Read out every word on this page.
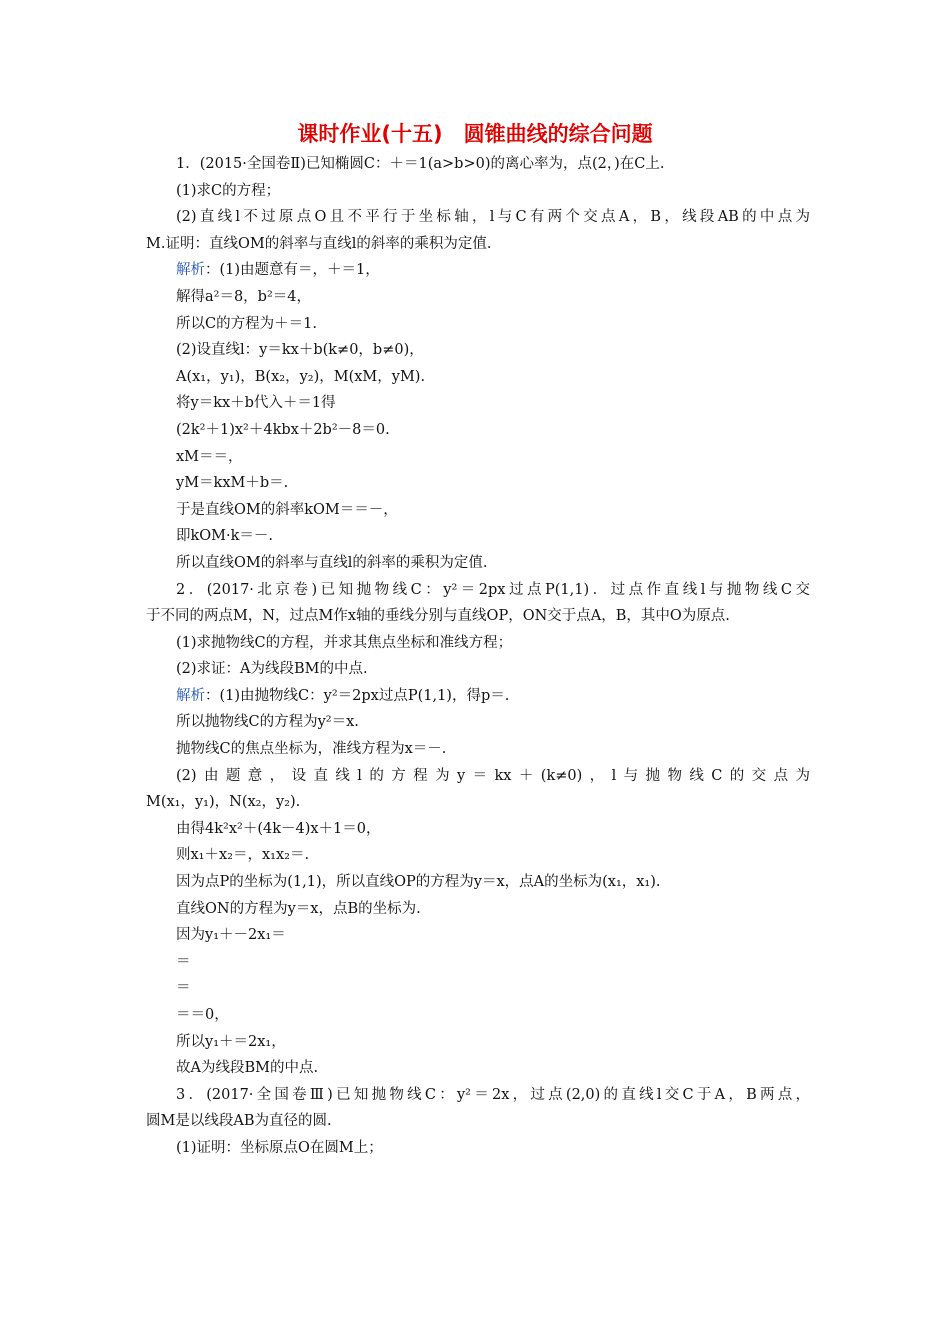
课时作业(十五)　圆锥曲线的综合问题
1．(2015·全国卷Ⅱ)已知椭圆C：＋＝1(a>b>0)的离心率为，点(2，)在C上.
(1)求C的方程；
(2)直线l不过原点O且不平行于坐标轴，l与C有两个交点A，B，线段AB的中点为
M.证明：直线OM的斜率与直线l的斜率的乘积为定值.
解析：(1)由题意有＝，＋＝1，
解得a²＝8，b²＝4，
所以C的方程为＋＝1.
(2)设直线l：y＝kx＋b(k≠0，b≠0)，
A(x₁，y₁)，B(x₂，y₂)，M(xM，yM).
将y＝kx＋b代入＋＝1得
(2k²＋1)x²＋4kbx＋2b²－8＝0.
xM＝＝，
yM＝kxM＋b＝.
于是直线OM的斜率kOM＝＝－，
即kOM·k＝－.
所以直线OM的斜率与直线l的斜率的乘积为定值.
2．(2017·北京卷)已知抛物线C：y²＝2px过点P(1,1)．过点作直线l与抛物线C交
于不同的两点M，N，过点M作x轴的垂线分别与直线OP，ON交于点A，B，其中O为原点.
(1)求抛物线C的方程，并求其焦点坐标和准线方程；
(2)求证：A为线段BM的中点.
解析：(1)由抛物线C：y²＝2px过点P(1,1)，得p＝.
所以抛物线C的方程为y²＝x.
抛物线C的焦点坐标为，准线方程为x＝－.
(2)由题意，设直线l的方程为y＝kx＋(k≠0)，l与抛物线C的交点为
M(x₁，y₁)，N(x₂，y₂).
由得4k²x²＋(4k－4)x＋1＝0，
则x₁＋x₂＝，x₁x₂＝.
因为点P的坐标为(1,1)，所以直线OP的方程为y＝x，点A的坐标为(x₁，x₁).
直线ON的方程为y＝x，点B的坐标为.
因为y₁＋－2x₁＝
＝
＝
＝＝0，
所以y₁＋＝2x₁，
故A为线段BM的中点.
3．(2017·全国卷Ⅲ)已知抛物线C：y²＝2x，过点(2,0)的直线l交C于A，B两点，
圆M是以线段AB为直径的圆.
(1)证明：坐标原点O在圆M上；
